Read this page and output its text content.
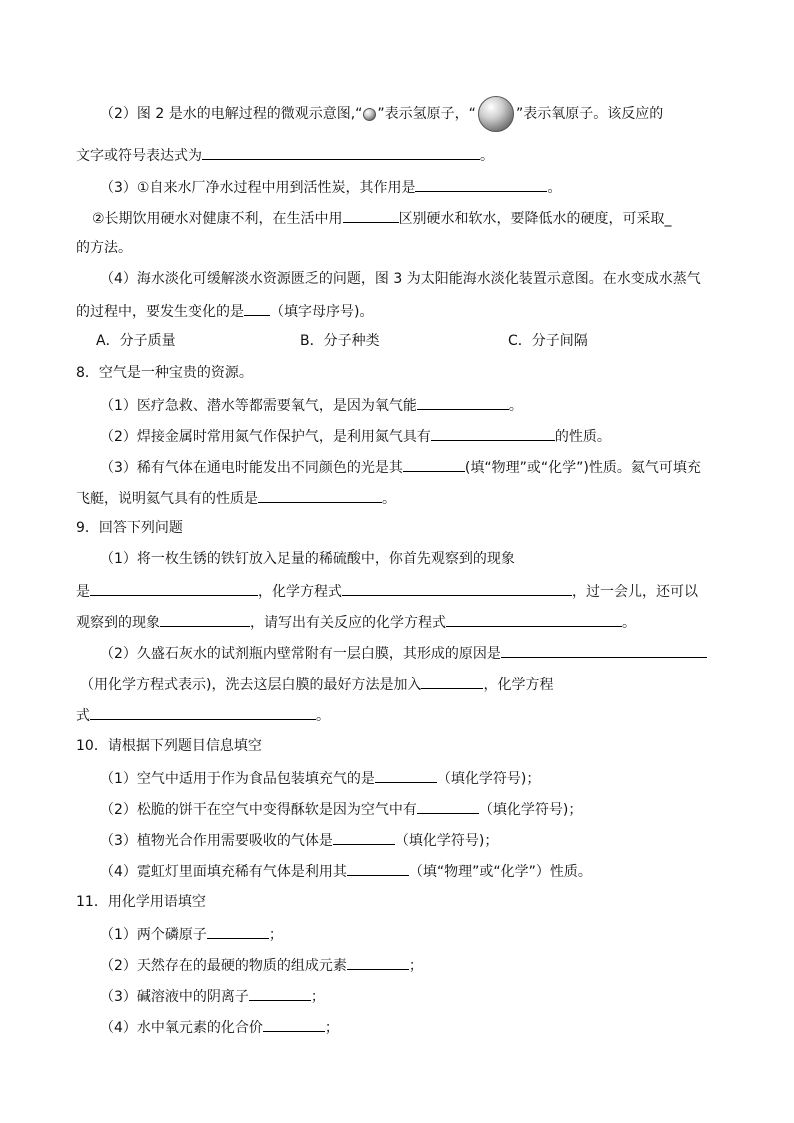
（2）图 2 是水的电解过程的微观示意图,“ ”表示氢原子，“	”表示氧原子。该反应的
文字或符号表达式为	。
（3）①自来水厂净水过程中用到活性炭，其作用是	。
②长期饮用硬水对健康不利，在生活中用	区别硬水和软水，要降低水的硬度，可采取_
的方法。
（4）海水淡化可缓解淡水资源匮乏的问题，图 3 为太阳能海水淡化装置示意图。在水变成水蒸气
的过程中，要发生变化的是 （填字母序号)。
A．分子质量	B．分子种类	C．分子间隔
8．空气是一种宝贵的资源。
（1）医疗急救、潜水等都需要氧气，是因为氧气能	。
（2）焊接金属时常用氮气作保护气，是利用氮气具有	的性质。
（3）稀有气体在通电时能发出不同颜色的光是其	(填“物理”或“化学”)性质。氦气可填充
飞艇，说明氦气具有的性质是	。
9．回答下列问题
（1）将一枚生锈的铁钉放入足量的稀硫酸中，你首先观察到的现象
是	，化学方程式	，过一会儿，还可以
观察到的现象	，请写出有关反应的化学方程式	。
（2）久盛石灰水的试剂瓶内壁常附有一层白膜，其形成的原因是
（用化学方程式表示)，洗去这层白膜的最好方法是加入	，化学方程
式	。
10．请根据下列题目信息填空
（1）空气中适用于作为食品包装填充气的是	（填化学符号)；
（2）松脆的饼干在空气中变得酥软是因为空气中有	（填化学符号)；
（3）植物光合作用需要吸收的气体是	（填化学符号)；
（4）霓虹灯里面填充稀有气体是利用其	（填“物理”或“化学”）性质。
11．用化学用语填空
（1）两个磷原子	；
（2）天然存在的最硬的物质的组成元素	；
（3）碱溶液中的阴离子	；
（4）水中氧元素的化合价	；
